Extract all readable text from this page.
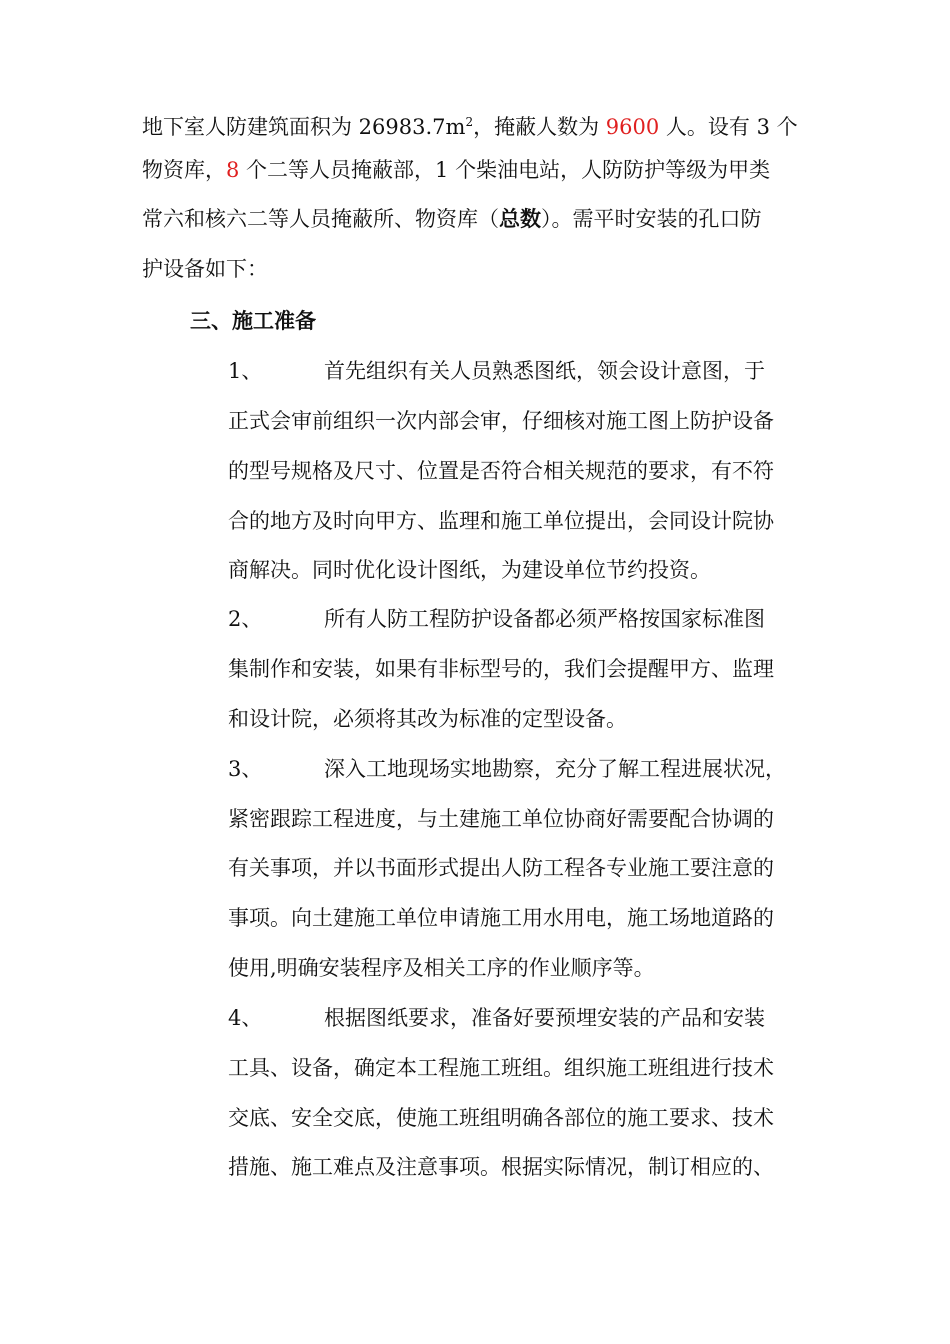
地下室人防建筑面积为 $26983.7m^2$，掩蔽人数为 9600 人。设有 3 个
物资库，8 个二等人员掩蔽部，1 个柴油电站，人防防护等级为甲类
常六和核六二等人员掩蔽所、物资库（总数）。需平时安装的孔口防
护设备如下：
三、施工准备
1、	首先组织有关人员熟悉图纸，领会设计意图，于
正式会审前组织一次内部会审，仔细核对施工图上防护设备
的型号规格及尺寸、位置是否符合相关规范的要求，有不符
合的地方及时向甲方、监理和施工单位提出，会同设计院协
商解决。同时优化设计图纸，为建设单位节约投资。
2、	所有人防工程防护设备都必须严格按国家标准图
集制作和安装，如果有非标型号的，我们会提醒甲方、监理
和设计院，必须将其改为标准的定型设备。
3、	深入工地现场实地勘察，充分了解工程进展状况，
紧密跟踪工程进度，与土建施工单位协商好需要配合协调的
有关事项，并以书面形式提出人防工程各专业施工要注意的
事项。向土建施工单位申请施工用水用电，施工场地道路的
使用,明确安装程序及相关工序的作业顺序等。
4、	根据图纸要求，准备好要预埋安装的产品和安装
工具、设备，确定本工程施工班组。组织施工班组进行技术
交底、安全交底，使施工班组明确各部位的施工要求、技术
措施、施工难点及注意事项。根据实际情况，制订相应的、
